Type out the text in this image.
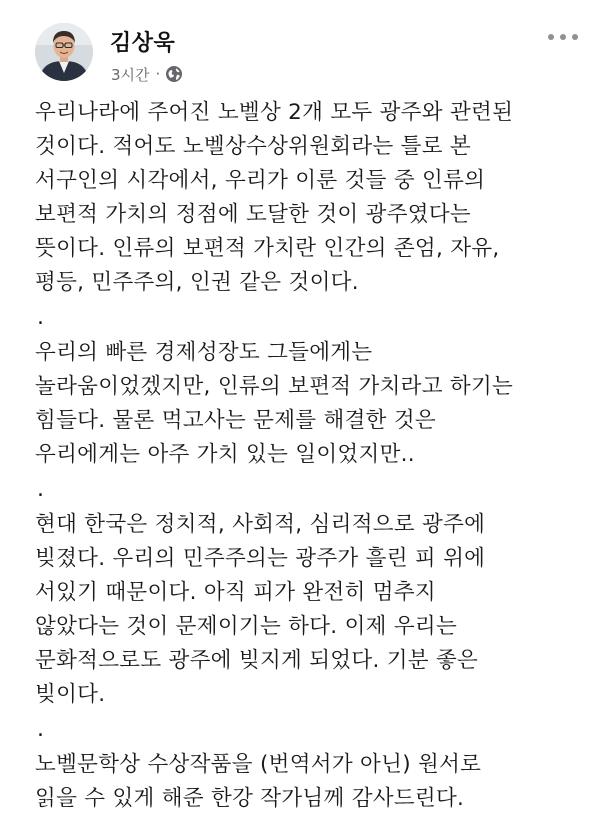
김상욱
3시간 ·
우리나라에 주어진 노벨상 2개 모두 광주와 관련된
것이다. 적어도 노벨상수상위원회라는 틀로 본
서구인의 시각에서, 우리가 이룬 것들 중 인류의
보편적 가치의 정점에 도달한 것이 광주였다는
뜻이다. 인류의 보편적 가치란 인간의 존엄, 자유,
평등, 민주주의, 인권 같은 것이다.
.
우리의 빠른 경제성장도 그들에게는
놀라움이었겠지만, 인류의 보편적 가치라고 하기는
힘들다. 물론 먹고사는 문제를 해결한 것은
우리에게는 아주 가치 있는 일이었지만..
.
현대 한국은 정치적, 사회적, 심리적으로 광주에
빚졌다. 우리의 민주주의는 광주가 흘린 피 위에
서있기 때문이다. 아직 피가 완전히 멈추지
않았다는 것이 문제이기는 하다. 이제 우리는
문화적으로도 광주에 빚지게 되었다. 기분 좋은
빚이다.
.
노벨문학상 수상작품을 (번역서가 아닌) 원서로
읽을 수 있게 해준 한강 작가님께 감사드린다.
